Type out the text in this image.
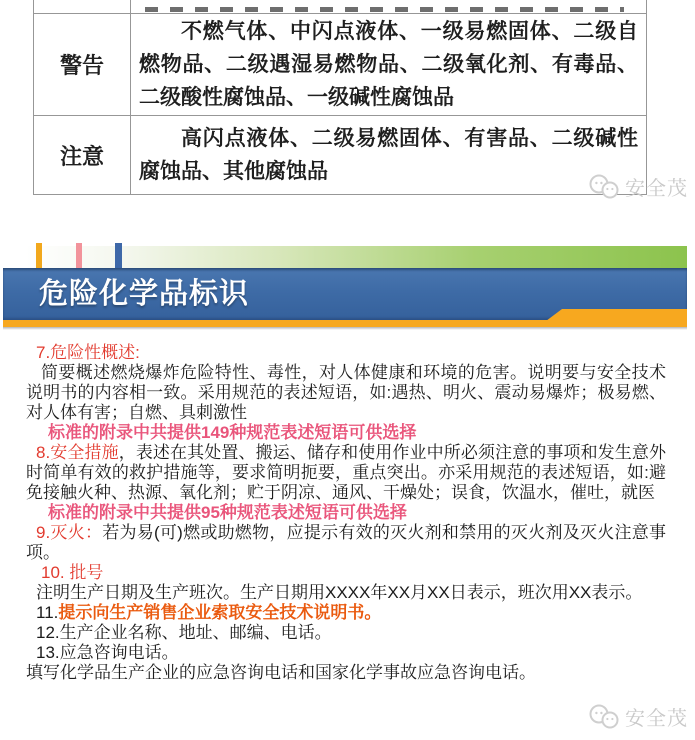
警告

不燃气体、中闪点液体、一级易燃固体、二级自燃物品、二级遇湿易燃物品、二级氧化剂、有毒品、二级酸性腐蚀品、一级碱性腐蚀品

注意

高闪点液体、二级易燃固体、有害品、二级碱性腐蚀品、其他腐蚀品

安全茂
危险化学品标识

7.危险性概述:

简要概述燃烧爆炸危险特性、毒性，对人体健康和环境的危害。说明要与安全技术说明书的内容相一致。采用规范的表述短语，如:遇热、明火、震动易爆炸；极易燃、对人体有害；自燃、具刺激性

标准的附录中共提供149种规范表述短语可供选择

8.安全措施，表述在其处置、搬运、储存和使用作业中所必须注意的事项和发生意外时简单有效的救护措施等，要求简明扼要，重点突出。亦采用规范的表述短语，如:避免接触火种、热源、氧化剂；贮于阴凉、通风、干燥处；误食，饮温水，催吐，就医

标准的附录中共提供95种规范表述短语可供选择

9.灭火：若为易(可)燃或助燃物，应提示有效的灭火剂和禁用的灭火剂及灭火注意事项。

10. 批号

注明生产日期及生产班次。生产日期用XXXX年XX月XX日表示，班次用XX表示。

11.提示向生产销售企业索取安全技术说明书。

12.生产企业名称、地址、邮编、电话。

13.应急咨询电话。

填写化学品生产企业的应急咨询电话和国家化学事故应急咨询电话。

安全茂
